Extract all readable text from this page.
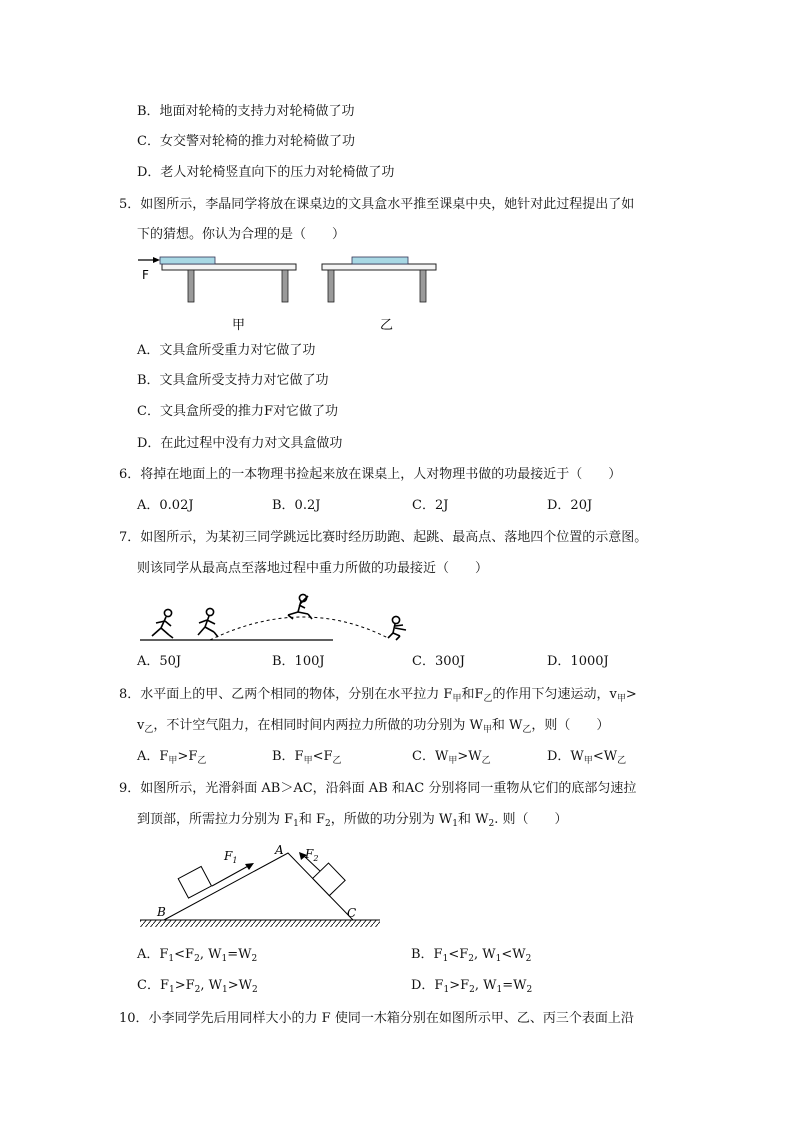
B．地面对轮椅的支持力对轮椅做了功
C．女交警对轮椅的推力对轮椅做了功
D．老人对轮椅竖直向下的压力对轮椅做了功
5．如图所示，李晶同学将放在课桌边的文具盒水平推至课桌中央，她针对此过程提出了如
下的猜想。你认为合理的是（　　）
F
甲	乙
A．文具盒所受重力对它做了功
B．文具盒所受支持力对它做了功
C．文具盒所受的推力F对它做了功
D．在此过程中没有力对文具盒做功
6．将掉在地面上的一本物理书捡起来放在课桌上，人对物理书做的功最接近于（　　）
A．0.02J	B．0.2J	C．2J	D．20J
7．如图所示，为某初三同学跳远比赛时经历助跑、起跳、最高点、落地四个位置的示意图。
则该同学从最高点至落地过程中重力所做的功最接近（　　）
A．50J	B．100J	C．300J	D．1000J
8．水平面上的甲、乙两个相同的物体，分别在水平拉力 $F_甲$和$F_乙$的作用下匀速运动，$v_甲>$
$v_乙$，不计空气阻力，在相同时间内两拉力所做的功分别为 $W_甲$和 $W_乙$，则（　　）
A．$F_甲>F_乙$	B．$F_甲<F_乙$	C．$W_甲>W_乙$	D．$W_甲<W_乙$
9．如图所示，光滑斜面 AB＞AC，沿斜面 AB 和AC 分别将同一重物从它们的底部匀速拉
到顶部，所需拉力分别为 $F_1$和 $F_2$，所做的功分别为 $W_1$和 $W_2$. 则（　　）
$F_1$	$F_2$
A
B	C
A．$F_1<F_2$, $W_1=W_2$	B．$F_1<F_2$, $W_1<W_2$
C．$F_1>F_2$, $W_1>W_2$	D．$F_1>F_2$, $W_1=W_2$
10．小李同学先后用同样大小的力 F 使同一木箱分别在如图所示甲、乙、丙三个表面上沿
